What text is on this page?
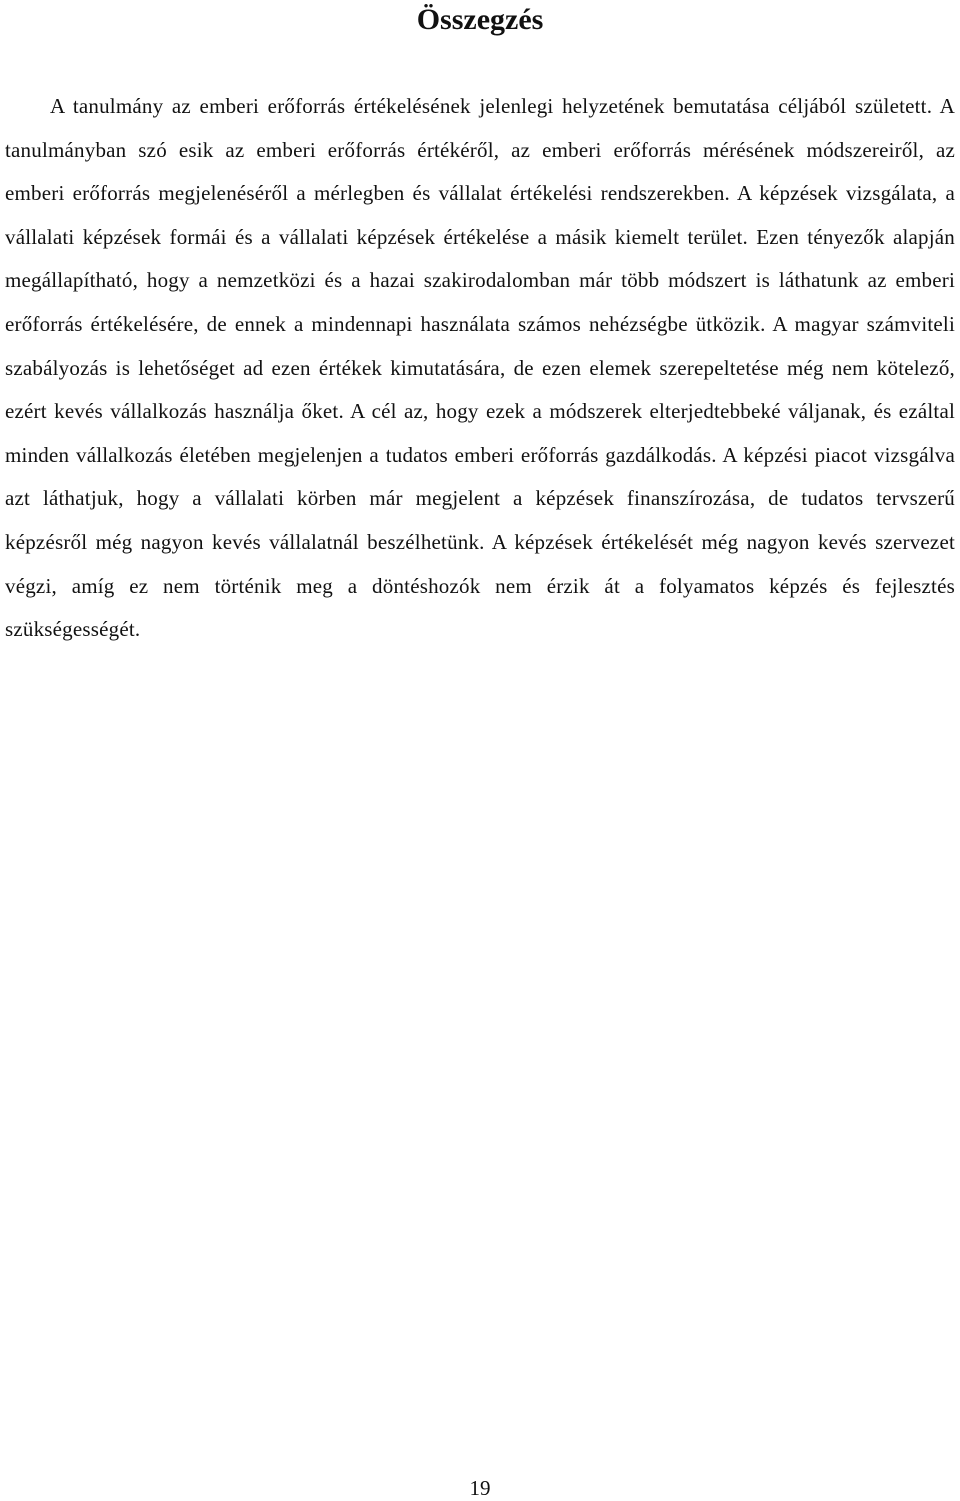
Összegzés

A tanulmány az emberi erőforrás értékelésének jelenlegi helyzetének bemutatása céljából született. A tanulmányban szó esik az emberi erőforrás értékéről, az emberi erőforrás mérésének módszereiről, az emberi erőforrás megjelenéséről a mérlegben és vállalat értékelési rendszerekben. A képzések vizsgálata, a vállalati képzések formái és a vállalati képzések értékelése a másik kiemelt terület. Ezen tényezők alapján megállapítható, hogy a nemzetközi és a hazai szakirodalomban már több módszert is láthatunk az emberi erőforrás értékelésére, de ennek a mindennapi használata számos nehézségbe ütközik. A magyar számviteli szabályozás is lehetőséget ad ezen értékek kimutatására, de ezen elemek szerepeltetése még nem kötelező, ezért kevés vállalkozás használja őket. A cél az, hogy ezek a módszerek elterjedtebbeké váljanak, és ezáltal minden vállalkozás életében megjelenjen a tudatos emberi erőforrás gazdálkodás. A képzési piacot vizsgálva azt láthatjuk, hogy a vállalati körben már megjelent a képzések finanszírozása, de tudatos tervszerű képzésről még nagyon kevés vállalatnál beszélhetünk. A képzések értékelését még nagyon kevés szervezet végzi, amíg ez nem történik meg a döntéshozók nem érzik át a folyamatos képzés és fejlesztés szükségességét.

19
